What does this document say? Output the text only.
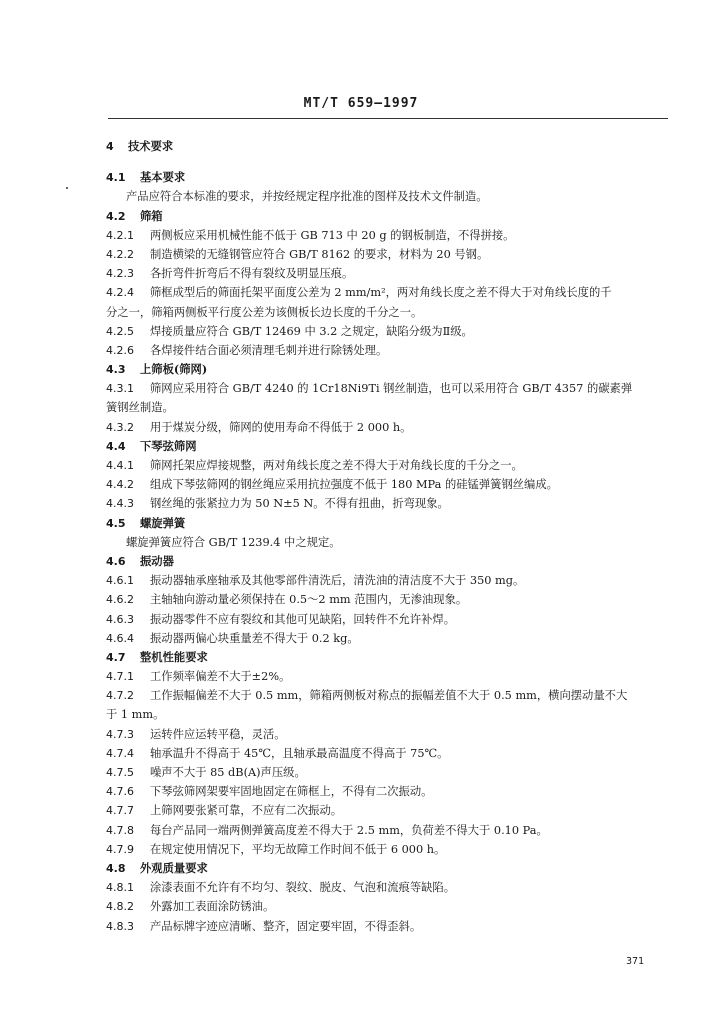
MT/T 659—1997
4 技术要求
4.1 基本要求
产品应符合本标准的要求，并按经规定程序批准的图样及技术文件制造。
4.2 筛箱
4.2.1 两侧板应采用机械性能不低于 GB 713 中 20 g 的钢板制造，不得拼接。
4.2.2 制造横梁的无缝钢管应符合 GB/T 8162 的要求，材料为 20 号钢。
4.2.3 各折弯件折弯后不得有裂纹及明显压痕。
4.2.4 筛框成型后的筛面托架平面度公差为 2 mm/m²，两对角线长度之差不得大于对角线长度的千
分之一，筛箱两侧板平行度公差为该侧板长边长度的千分之一。
4.2.5 焊接质量应符合 GB/T 12469 中 3.2 之规定，缺陷分级为Ⅱ级。
4.2.6 各焊接件结合面必须清理毛刺并进行除锈处理。
4.3 上筛板(筛网)
4.3.1 筛网应采用符合 GB/T 4240 的 1Cr18Ni9Ti 钢丝制造，也可以采用符合 GB/T 4357 的碳素弹
簧钢丝制造。
4.3.2 用于煤炭分级，筛网的使用寿命不得低于 2 000 h。
4.4 下琴弦筛网
4.4.1 筛网托架应焊接规整，两对角线长度之差不得大于对角线长度的千分之一。
4.4.2 组成下琴弦筛网的钢丝绳应采用抗拉强度不低于 180 MPa 的硅锰弹簧钢丝编成。
4.4.3 钢丝绳的张紧拉力为 50 N±5 N。不得有扭曲，折弯现象。
4.5 螺旋弹簧
螺旋弹簧应符合 GB/T 1239.4 中之规定。
4.6 振动器
4.6.1 振动器轴承座轴承及其他零部件清洗后，清洗油的清洁度不大于 350 mg。
4.6.2 主轴轴向游动量必须保持在 0.5～2 mm 范围内，无渗油现象。
4.6.3 振动器零件不应有裂纹和其他可见缺陷，回转件不允许补焊。
4.6.4 振动器两偏心块重量差不得大于 0.2 kg。
4.7 整机性能要求
4.7.1 工作频率偏差不大于±2%。
4.7.2 工作振幅偏差不大于 0.5 mm，筛箱两侧板对称点的振幅差值不大于 0.5 mm，横向摆动量不大
于 1 mm。
4.7.3 运转件应运转平稳，灵活。
4.7.4 轴承温升不得高于 45℃，且轴承最高温度不得高于 75℃。
4.7.5 噪声不大于 85 dB(A)声压级。
4.7.6 下琴弦筛网架要牢固地固定在筛框上，不得有二次振动。
4.7.7 上筛网要张紧可靠，不应有二次振动。
4.7.8 每台产品同一端两侧弹簧高度差不得大于 2.5 mm，负荷差不得大于 0.10 Pa。
4.7.9 在规定使用情况下，平均无故障工作时间不低于 6 000 h。
4.8 外观质量要求
4.8.1 涂漆表面不允许有不均匀、裂纹、脱皮、气泡和流痕等缺陷。
4.8.2 外露加工表面涂防锈油。
4.8.3 产品标牌字迹应清晰、整齐，固定要牢固，不得歪斜。
371
